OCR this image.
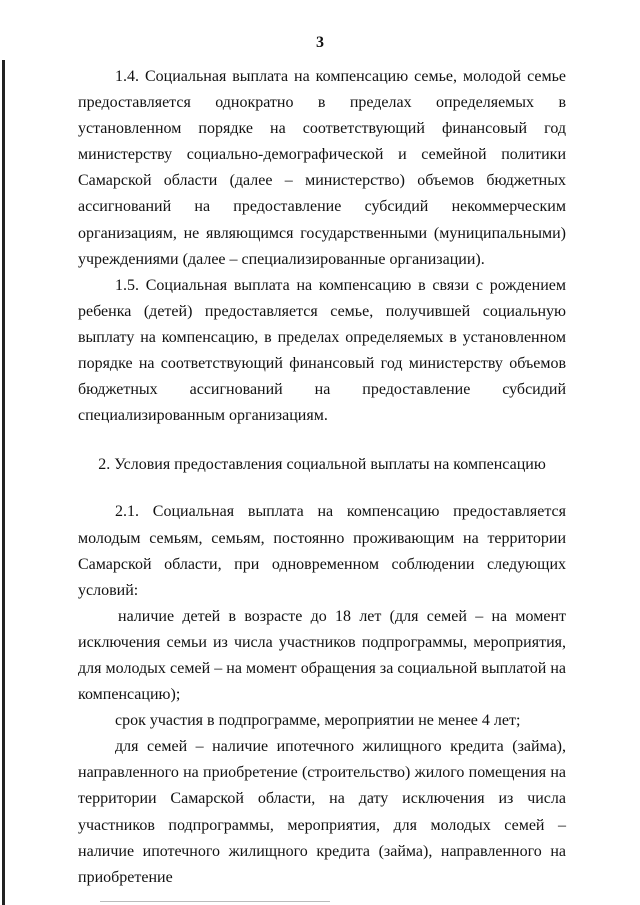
3

1.4. Социальная выплата на компенсацию семье, молодой семье предоставляется однократно в пределах определяемых в установленном порядке на соответствующий финансовый год министерству социально-демографической и семейной политики Самарской области (далее – министерство) объемов бюджетных ассигнований на предоставление субсидий некоммерческим организациям, не являющимся государственными (муниципальными) учреждениями (далее – специализированные организации).

1.5. Социальная выплата на компенсацию в связи с рождением ребенка (детей) предоставляется семье, получившей социальную выплату на компенсацию, в пределах определяемых в установленном порядке на соответствующий финансовый год министерству объемов бюджетных ассигнований на предоставление субсидий специализированным организациям.

2. Условия предоставления социальной выплаты на компенсацию

2.1. Социальная выплата на компенсацию предоставляется молодым семьям, семьям, постоянно проживающим на территории Самарской области, при одновременном соблюдении следующих условий:

наличие детей в возрасте до 18 лет (для семей – на момент исключения семьи из числа участников подпрограммы, мероприятия, для молодых семей – на момент обращения за социальной выплатой на компенсацию);

срок участия в подпрограмме, мероприятии не менее 4 лет;

для семей – наличие ипотечного жилищного кредита (займа), направленного на приобретение (строительство) жилого помещения на территории Самарской области, на дату исключения из числа участников подпрограммы, мероприятия, для молодых семей – наличие ипотечного жилищного кредита (займа), направленного на приобретение
